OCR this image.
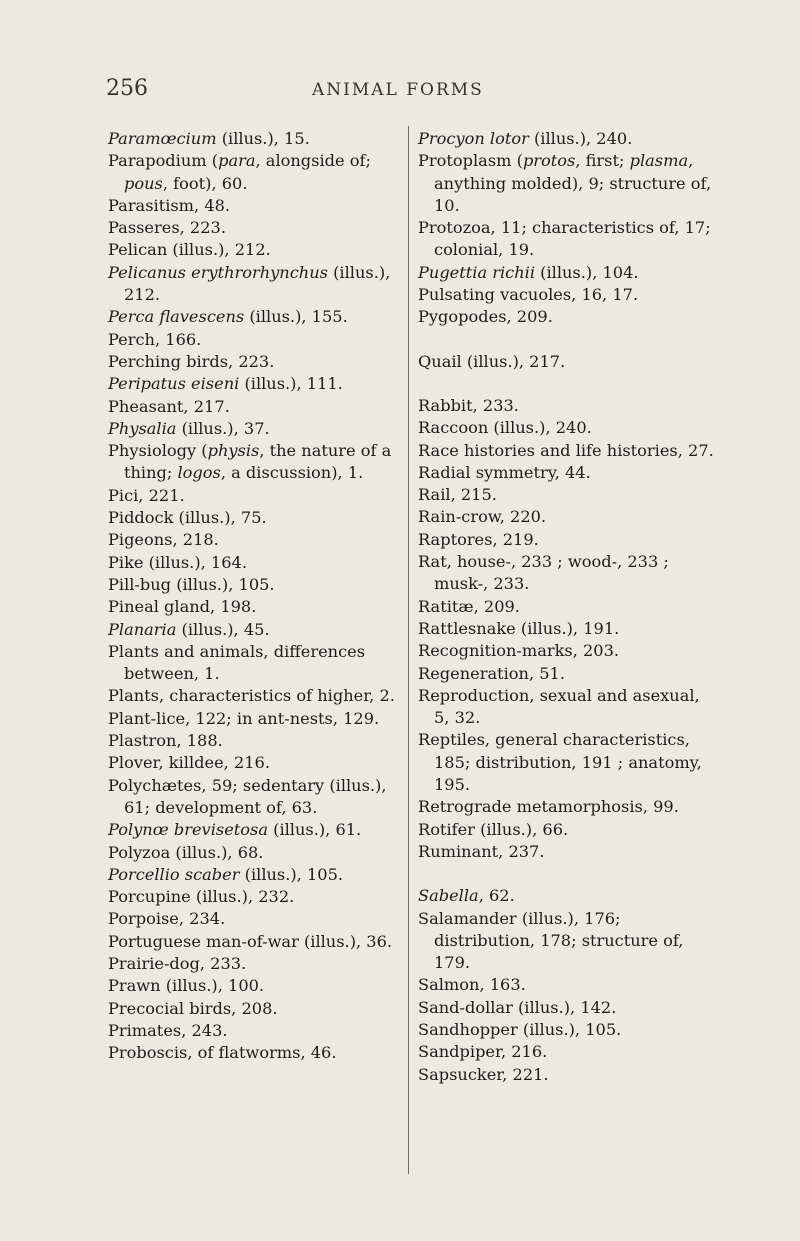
256	ANIMAL FORMS
Paramœcium (illus.), 15.
Parapodium (para, alongside of; pous, foot), 60.
Parasitism, 48.
Passeres, 223.
Pelican (illus.), 212.
Pelicanus erythrorhynchus (illus.), 212.
Perca flavescens (illus.), 155.
Perch, 166.
Perching birds, 223.
Peripatus eiseni (illus.), 111.
Pheasant, 217.
Physalia (illus.), 37.
Physiology (physis, the nature of a thing; logos, a discussion), 1.
Pici, 221.
Piddock (illus.), 75.
Pigeons, 218.
Pike (illus.), 164.
Pill-bug (illus.), 105.
Pineal gland, 198.
Planaria (illus.), 45.
Plants and animals, differences between, 1.
Plants, characteristics of higher, 2.
Plant-lice, 122; in ant-nests, 129.
Plastron, 188.
Plover, killdee, 216.
Polychætes, 59; sedentary (illus.), 61; development of, 63.
Polynœ brevisetosa (illus.), 61.
Polyzoa (illus.), 68.
Porcellio scaber (illus.), 105.
Porcupine (illus.), 232.
Porpoise, 234.
Portuguese man-of-war (illus.), 36.
Prairie-dog, 233.
Prawn (illus.), 100.
Precocial birds, 208.
Primates, 243.
Proboscis, of flatworms, 46.
Procyon lotor (illus.), 240.
Protoplasm (protos, first; plasma, anything molded), 9; structure of, 10.
Protozoa, 11; characteristics of, 17; colonial, 19.
Pugettia richii (illus.), 104.
Pulsating vacuoles, 16, 17.
Pygopodes, 209.
Quail (illus.), 217.
Rabbit, 233.
Raccoon (illus.), 240.
Race histories and life histories, 27.
Radial symmetry, 44.
Rail, 215.
Rain-crow, 220.
Raptores, 219.
Rat, house-, 233 ; wood-, 233 ; musk-, 233.
Ratitæ, 209.
Rattlesnake (illus.), 191.
Recognition-marks, 203.
Regeneration, 51.
Reproduction, sexual and asexual, 5, 32.
Reptiles, general characteristics, 185; distribution, 191 ; anatomy, 195.
Retrograde metamorphosis, 99.
Rotifer (illus.), 66.
Ruminant, 237.
Sabella, 62.
Salamander (illus.), 176; distribution, 178; structure of, 179.
Salmon, 163.
Sand-dollar (illus.), 142.
Sandhopper (illus.), 105.
Sandpiper, 216.
Sapsucker, 221.
